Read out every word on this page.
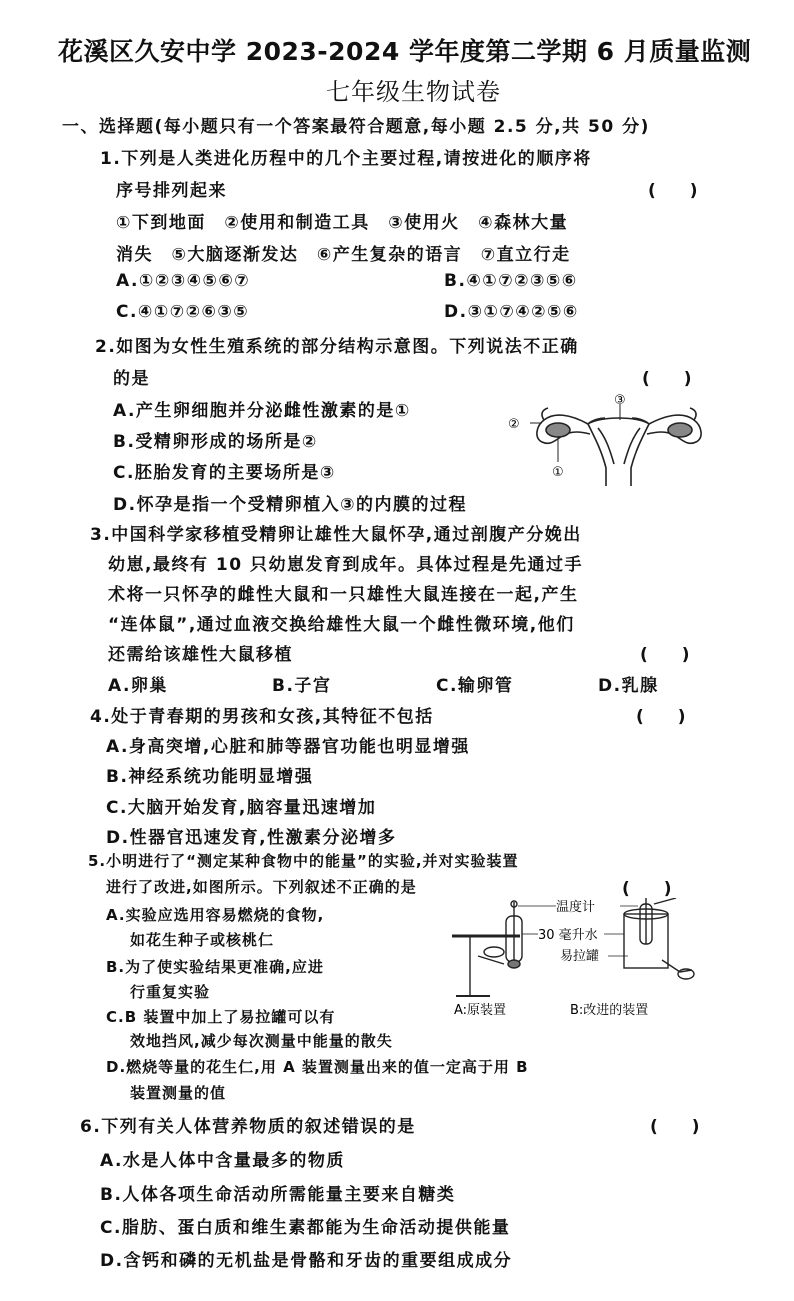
花溪区久安中学 2023-2024 学年度第二学期 6 月质量监测
七年级生物试卷
一、选择题(每小题只有一个答案最符合题意,每小题 2.5 分,共 50 分)
1.下列是人类进化历程中的几个主要过程,请按进化的顺序将
序号排列起来	(　　)
①下到地面　②使用和制造工具　③使用火　④森林大量
消失　⑤大脑逐渐发达　⑥产生复杂的语言　⑦直立行走
A.①②③④⑤⑥⑦	B.④①⑦②③⑤⑥
C.④①⑦②⑥③⑤	D.③①⑦④②⑤⑥
2.如图为女性生殖系统的部分结构示意图。下列说法不正确
的是	(　　)
A.产生卵细胞并分泌雌性激素的是①
B.受精卵形成的场所是②
C.胚胎发育的主要场所是③
D.怀孕是指一个受精卵植入③的内膜的过程
②
③
①
3.中国科学家移植受精卵让雄性大鼠怀孕,通过剖腹产分娩出
幼崽,最终有 10 只幼崽发育到成年。具体过程是先通过手
术将一只怀孕的雌性大鼠和一只雄性大鼠连接在一起,产生
“连体鼠”,通过血液交换给雄性大鼠一个雌性微环境,他们
还需给该雄性大鼠移植	(　　)
A.卵巢	B.子宫	C.输卵管	D.乳腺
4.处于青春期的男孩和女孩,其特征不包括	(　　)
A.身高突增,心脏和肺等器官功能也明显增强
B.神经系统功能明显增强
C.大脑开始发育,脑容量迅速增加
D.性器官迅速发育,性激素分泌增多
5.小明进行了“测定某种食物中的能量”的实验,并对实验装置
进行了改进,如图所示。下列叙述不正确的是	(　　)
A.实验应选用容易燃烧的食物,
如花生种子或核桃仁
B.为了使实验结果更准确,应进
行重复实验
C.B 装置中加上了易拉罐可以有
效地挡风,减少每次测量中能量的散失
D.燃烧等量的花生仁,用 A 装置测量出来的值一定高于用 B
装置测量的值
温度计
30 毫升水
易拉罐
A:原装置	B:改进的装置
6.下列有关人体营养物质的叙述错误的是	(　　)
A.水是人体中含量最多的物质
B.人体各项生命活动所需能量主要来自糖类
C.脂肪、蛋白质和维生素都能为生命活动提供能量
D.含钙和磷的无机盐是骨骼和牙齿的重要组成成分
